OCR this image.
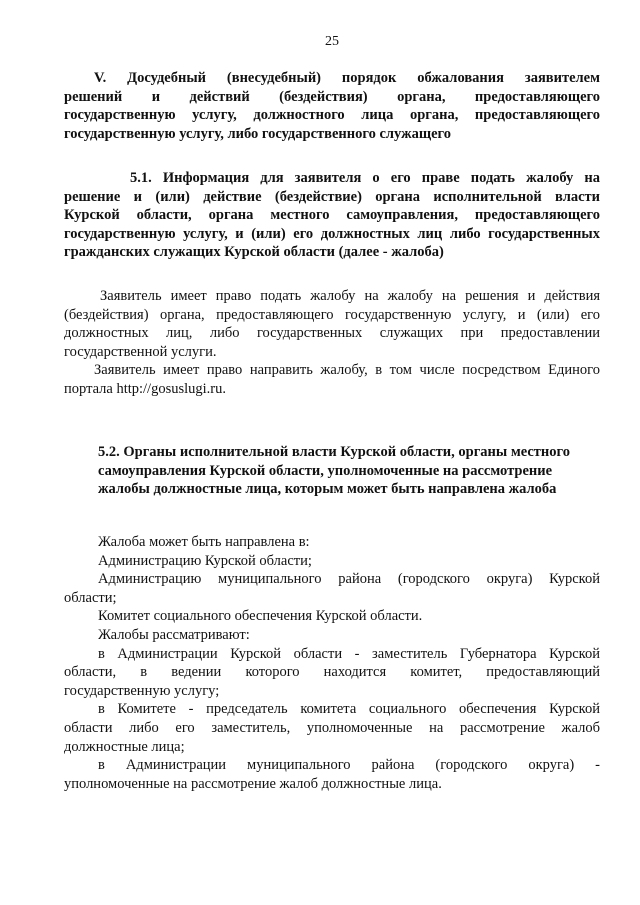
25
V. Досудебный (внесудебный) порядок обжалования заявителем
решений и действий (бездействия) органа, предоставляющего
государственную услугу, должностного лица органа, предоставляющего
государственную услугу, либо государственного служащего
5.1. Информация для заявителя о его праве подать жалобу на
решение и (или) действие (бездействие) органа исполнительной власти
Курской области, органа местного самоуправления, предоставляющего
государственную услугу, и (или) его должностных лиц либо государственных
гражданских служащих Курской области (далее - жалоба)
Заявитель имеет право подать жалобу на жалобу на решения и действия
(бездействия) органа, предоставляющего государственную услугу, и (или) его
должностных лиц, либо государственных служащих при предоставлении
государственной услуги.
Заявитель имеет право направить жалобу, в том числе посредством Единого
портала http://gosuslugi.ru.
5.2. Органы исполнительной власти Курской области, органы местного
самоуправления Курской области, уполномоченные на рассмотрение
жалобы должностные лица, которым может быть направлена жалоба
Жалоба может быть направлена в:
Администрацию Курской области;
Администрацию муниципального района (городского округа) Курской
области;
Комитет социального обеспечения Курской области.
Жалобы рассматривают:
в Администрации Курской области - заместитель Губернатора Курской
области, в ведении которого находится комитет, предоставляющий
государственную услугу;
в Комитете - председатель комитета социального обеспечения Курской
области либо его заместитель, уполномоченные на рассмотрение жалоб
должностные лица;
в Администрации муниципального района (городского округа) -
уполномоченные на рассмотрение жалоб должностные лица.
